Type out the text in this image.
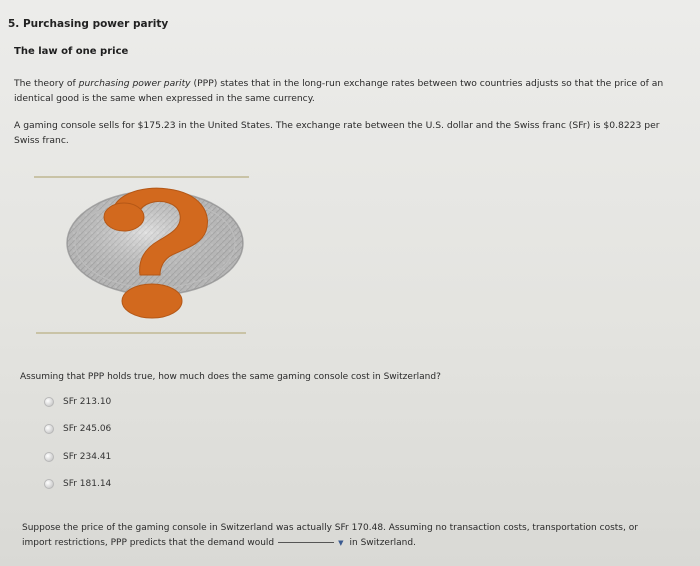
5. Purchasing power parity
The law of one price
The theory of purchasing power parity (PPP) states that in the long-run exchange rates between two countries adjusts so that the price of an identical good is the same when expressed in the same currency.
A gaming console sells for $175.23 in the United States. The exchange rate between the U.S. dollar and the Swiss franc (SFr) is $0.8223 per Swiss franc.
Assuming that PPP holds true, how much does the same gaming console cost in Switzerland?
SFr 213.10
SFr 245.06
SFr 234.41
SFr 181.14
Suppose the price of the gaming console in Switzerland was actually SFr 170.48. Assuming no transaction costs, transportation costs, or import restrictions, PPP predicts that the demand would	▼ in Switzerland.
